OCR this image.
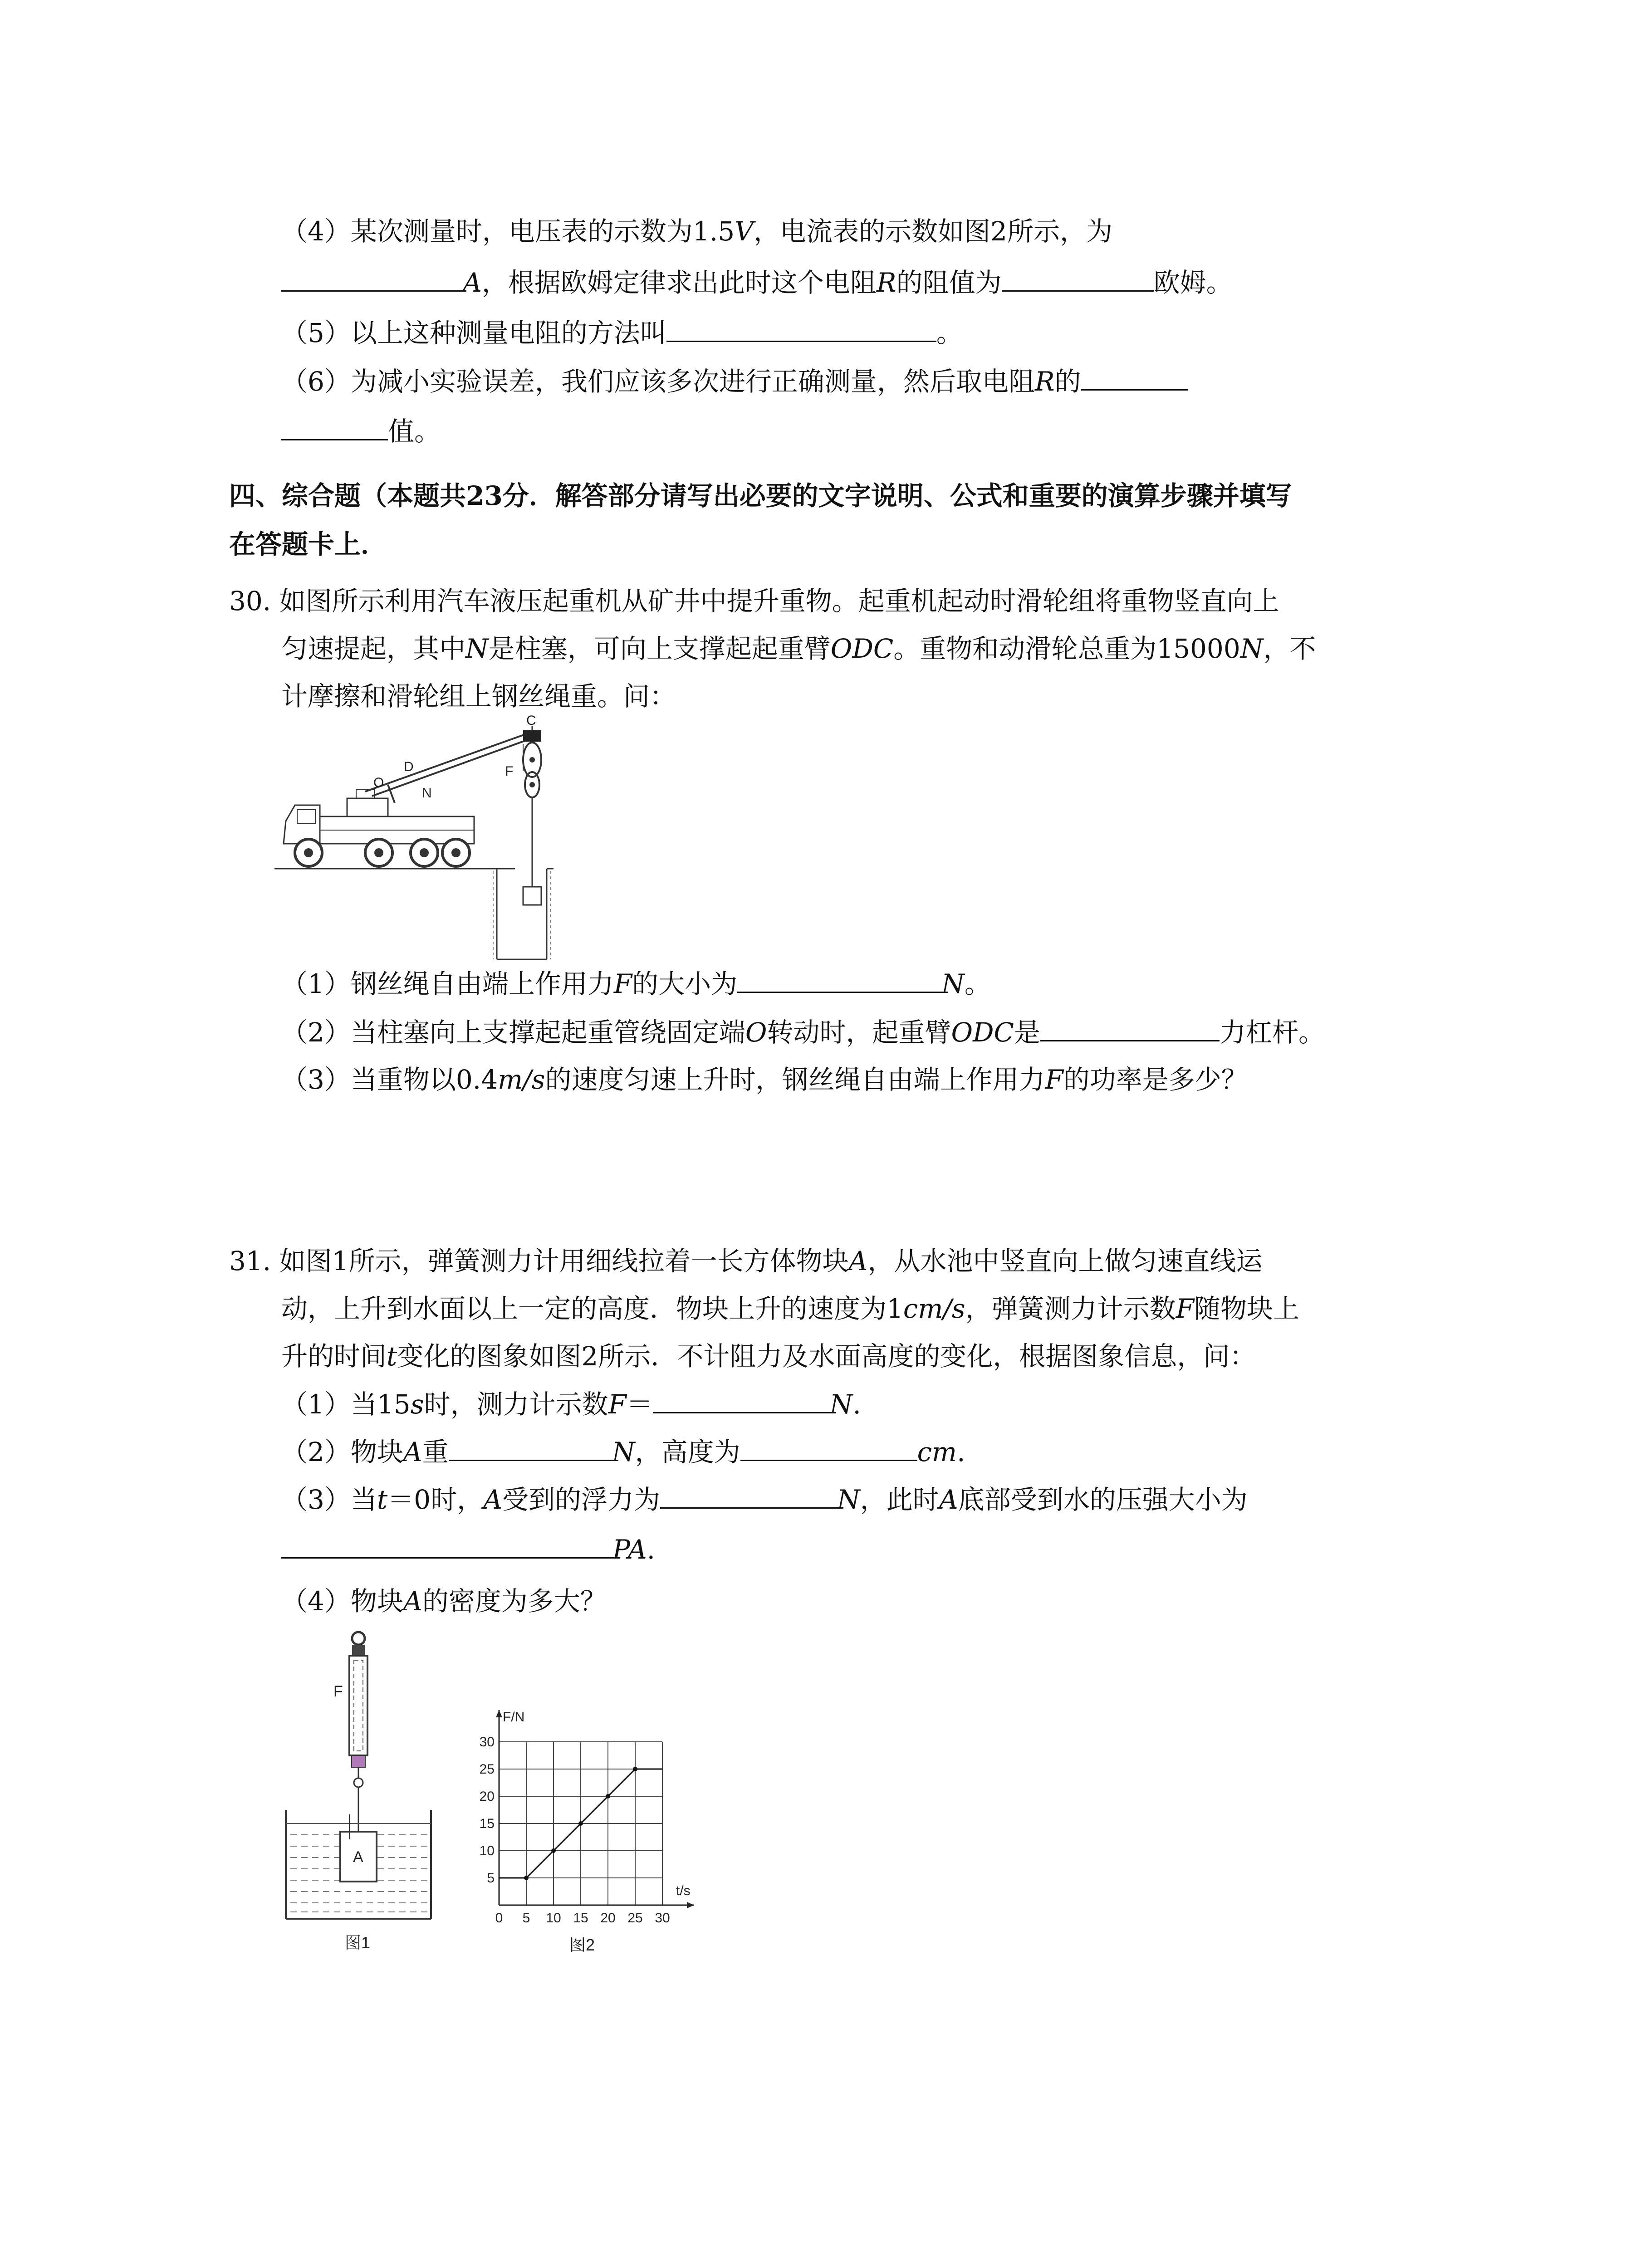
（4）某次测量时，电压表的示数为1.5V，电流表的示数如图2所示，为
A，根据欧姆定律求出此时这个电阻R的阻值为	欧姆。
（5）以上这种测量电阻的方法叫	。
（6）为减小实验误差，我们应该多次进行正确测量，然后取电阻R的
值。
四、综合题（本题共23分．解答部分请写出必要的文字说明、公式和重要的演算步骤并填写
在答题卡上．
30. 如图所示利用汽车液压起重机从矿井中提升重物。起重机起动时滑轮组将重物竖直向上
匀速提起，其中N是柱塞，可向上支撑起起重臂ODC。重物和动滑轮总重为15000N，不
计摩擦和滑轮组上钢丝绳重。问：
C
D
O
N
F
（1）钢丝绳自由端上作用力F的大小为	N。
（2）当柱塞向上支撑起起重管绕固定端O转动时，起重臂ODC是	力杠杆。
（3）当重物以0.4m/s的速度匀速上升时，钢丝绳自由端上作用力F的功率是多少？
31. 如图1所示，弹簧测力计用细线拉着一长方体物块A，从水池中竖直向上做匀速直线运
动，上升到水面以上一定的高度．物块上升的速度为1cm/s，弹簧测力计示数F随物块上
升的时间t变化的图象如图2所示．不计阻力及水面高度的变化，根据图象信息，问：
（1）当15s时，测力计示数F＝	N.
（2）物块A重	N，高度为	cm.
（3）当t＝0时，A受到的浮力为	N，此时A底部受到水的压强大小为
PA.
（4）物块A的密度为多大？
F
A
图1
0 5 10 15 20 25 30
5
10
15
20
25
30
F/N
t/s
图2
